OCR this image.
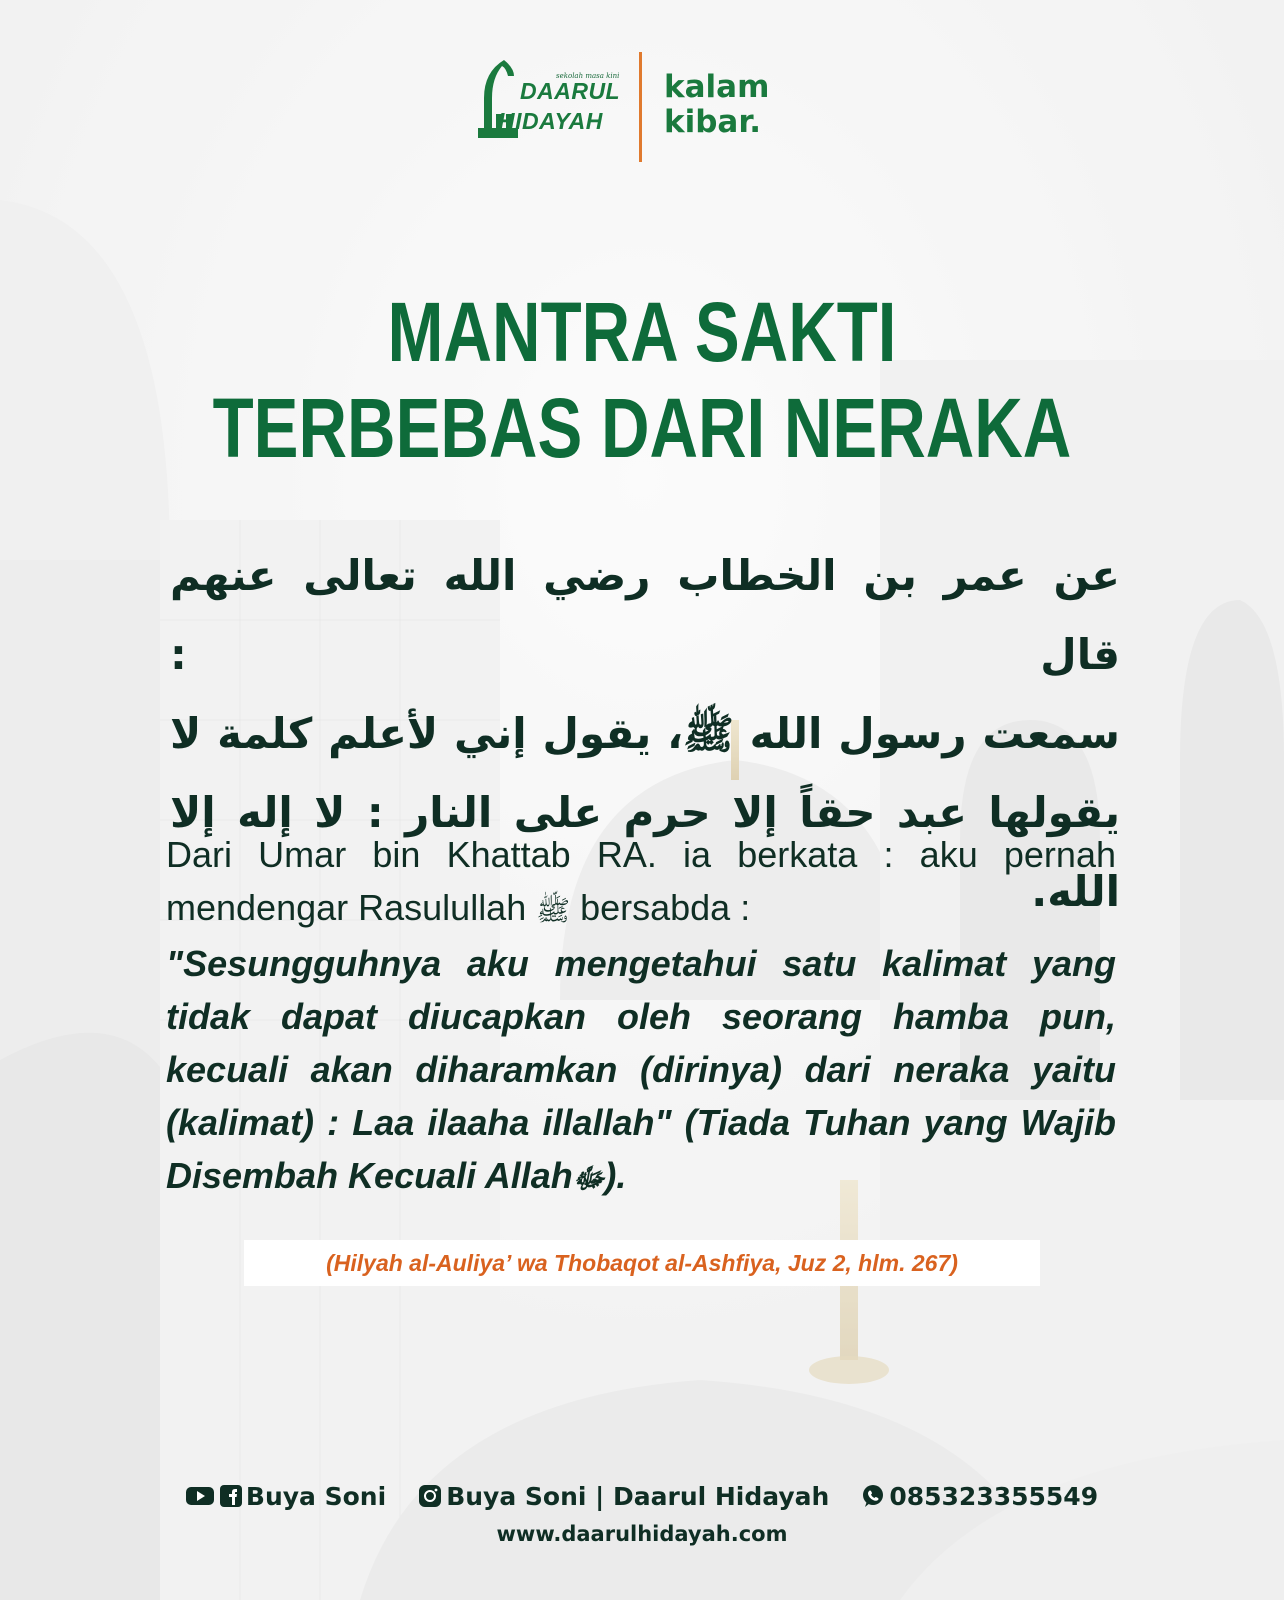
sekolah masa kini
DAARUL
HIDAYAH
kalam
kibar.
MANTRA SAKTI
TERBEBAS DARI NERAKA

عن عمر بن الخطاب رضي الله تعالى عنهم قال :

سمعت رسول الله ﷺ، يقول إني لأعلم كلمة لا

يقولها عبد حقاً إلا حرم على النار : لا إله إلا الله.

Dari Umar bin Khattab RA. ia berkata : aku pernah mendengar Rasulullah ﷺ bersabda :
"Sesungguhnya aku mengetahui satu kalimat yang tidak dapat diucapkan oleh seorang hamba pun, kecuali akan diharamkan (dirinya) dari neraka yaitu (kalimat) : Laa ilaaha illallah" (Tiada Tuhan yang Wajib Disembah Kecuali Allahﷻ).
(Hilyah al-Auliya’ wa Thobaqot al-Ashfiya, Juz 2, hlm. 267)
Buya Soni Buya Soni | Daarul Hidayah 085323355549
www.daarulhidayah.com
